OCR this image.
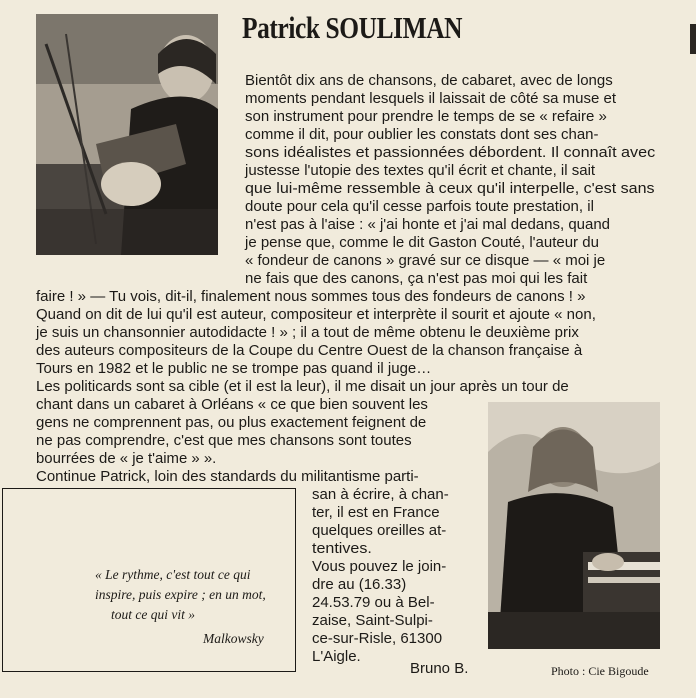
Patrick SOULIMAN
Bientôt dix ans de chansons, de cabaret, avec de longs
moments pendant lesquels il laissait de côté sa muse et
son instrument pour prendre le temps de se « refaire »
comme il dit, pour oublier les constats dont ses chan-
sons idéalistes et passionnées débordent. Il connaît avec
justesse l'utopie des textes qu'il écrit et chante, il sait
que lui-même ressemble à ceux qu'il interpelle, c'est sans
doute pour cela qu'il cesse parfois toute prestation, il
n'est pas à l'aise : « j'ai honte et j'ai mal dedans, quand
je pense que, comme le dit Gaston Couté, l'auteur du
« fondeur de canons » gravé sur ce disque — « moi je
ne fais que des canons, ça n'est pas moi qui les fait
faire ! » — Tu vois, dit-il, finalement nous sommes tous des fondeurs de canons ! »
Quand on dit de lui qu'il est auteur, compositeur et interprète il sourit et ajoute « non,
je suis un chansonnier autodidacte ! » ; il a tout de même obtenu le deuxième prix
des auteurs compositeurs de la Coupe du Centre Ouest de la chanson française à
Tours en 1982 et le public ne se trompe pas quand il juge…
Les politicards sont sa cible (et il est la leur), il me disait un jour après un tour de
chant dans un cabaret à Orléans « ce que bien souvent les
gens ne comprennent pas, ou plus exactement feignent de
ne pas comprendre, c'est que mes chansons sont toutes
bourrées de « je t'aime » ».
Continue Patrick, loin des standards du militantisme parti-
san à écrire, à chan-
ter, il est en France
quelques oreilles at-
tentives.
Vous pouvez le join-
dre au (16.33)
24.53.79 ou à Bel-
zaise, Saint-Sulpi-
ce-sur-Risle, 61300
L'Aigle.
« Le rythme, c'est tout ce qui
inspire, puis expire ; en un mot,
tout ce qui vit »
Malkowsky
Bruno B.	Photo : Cie Bigoude
